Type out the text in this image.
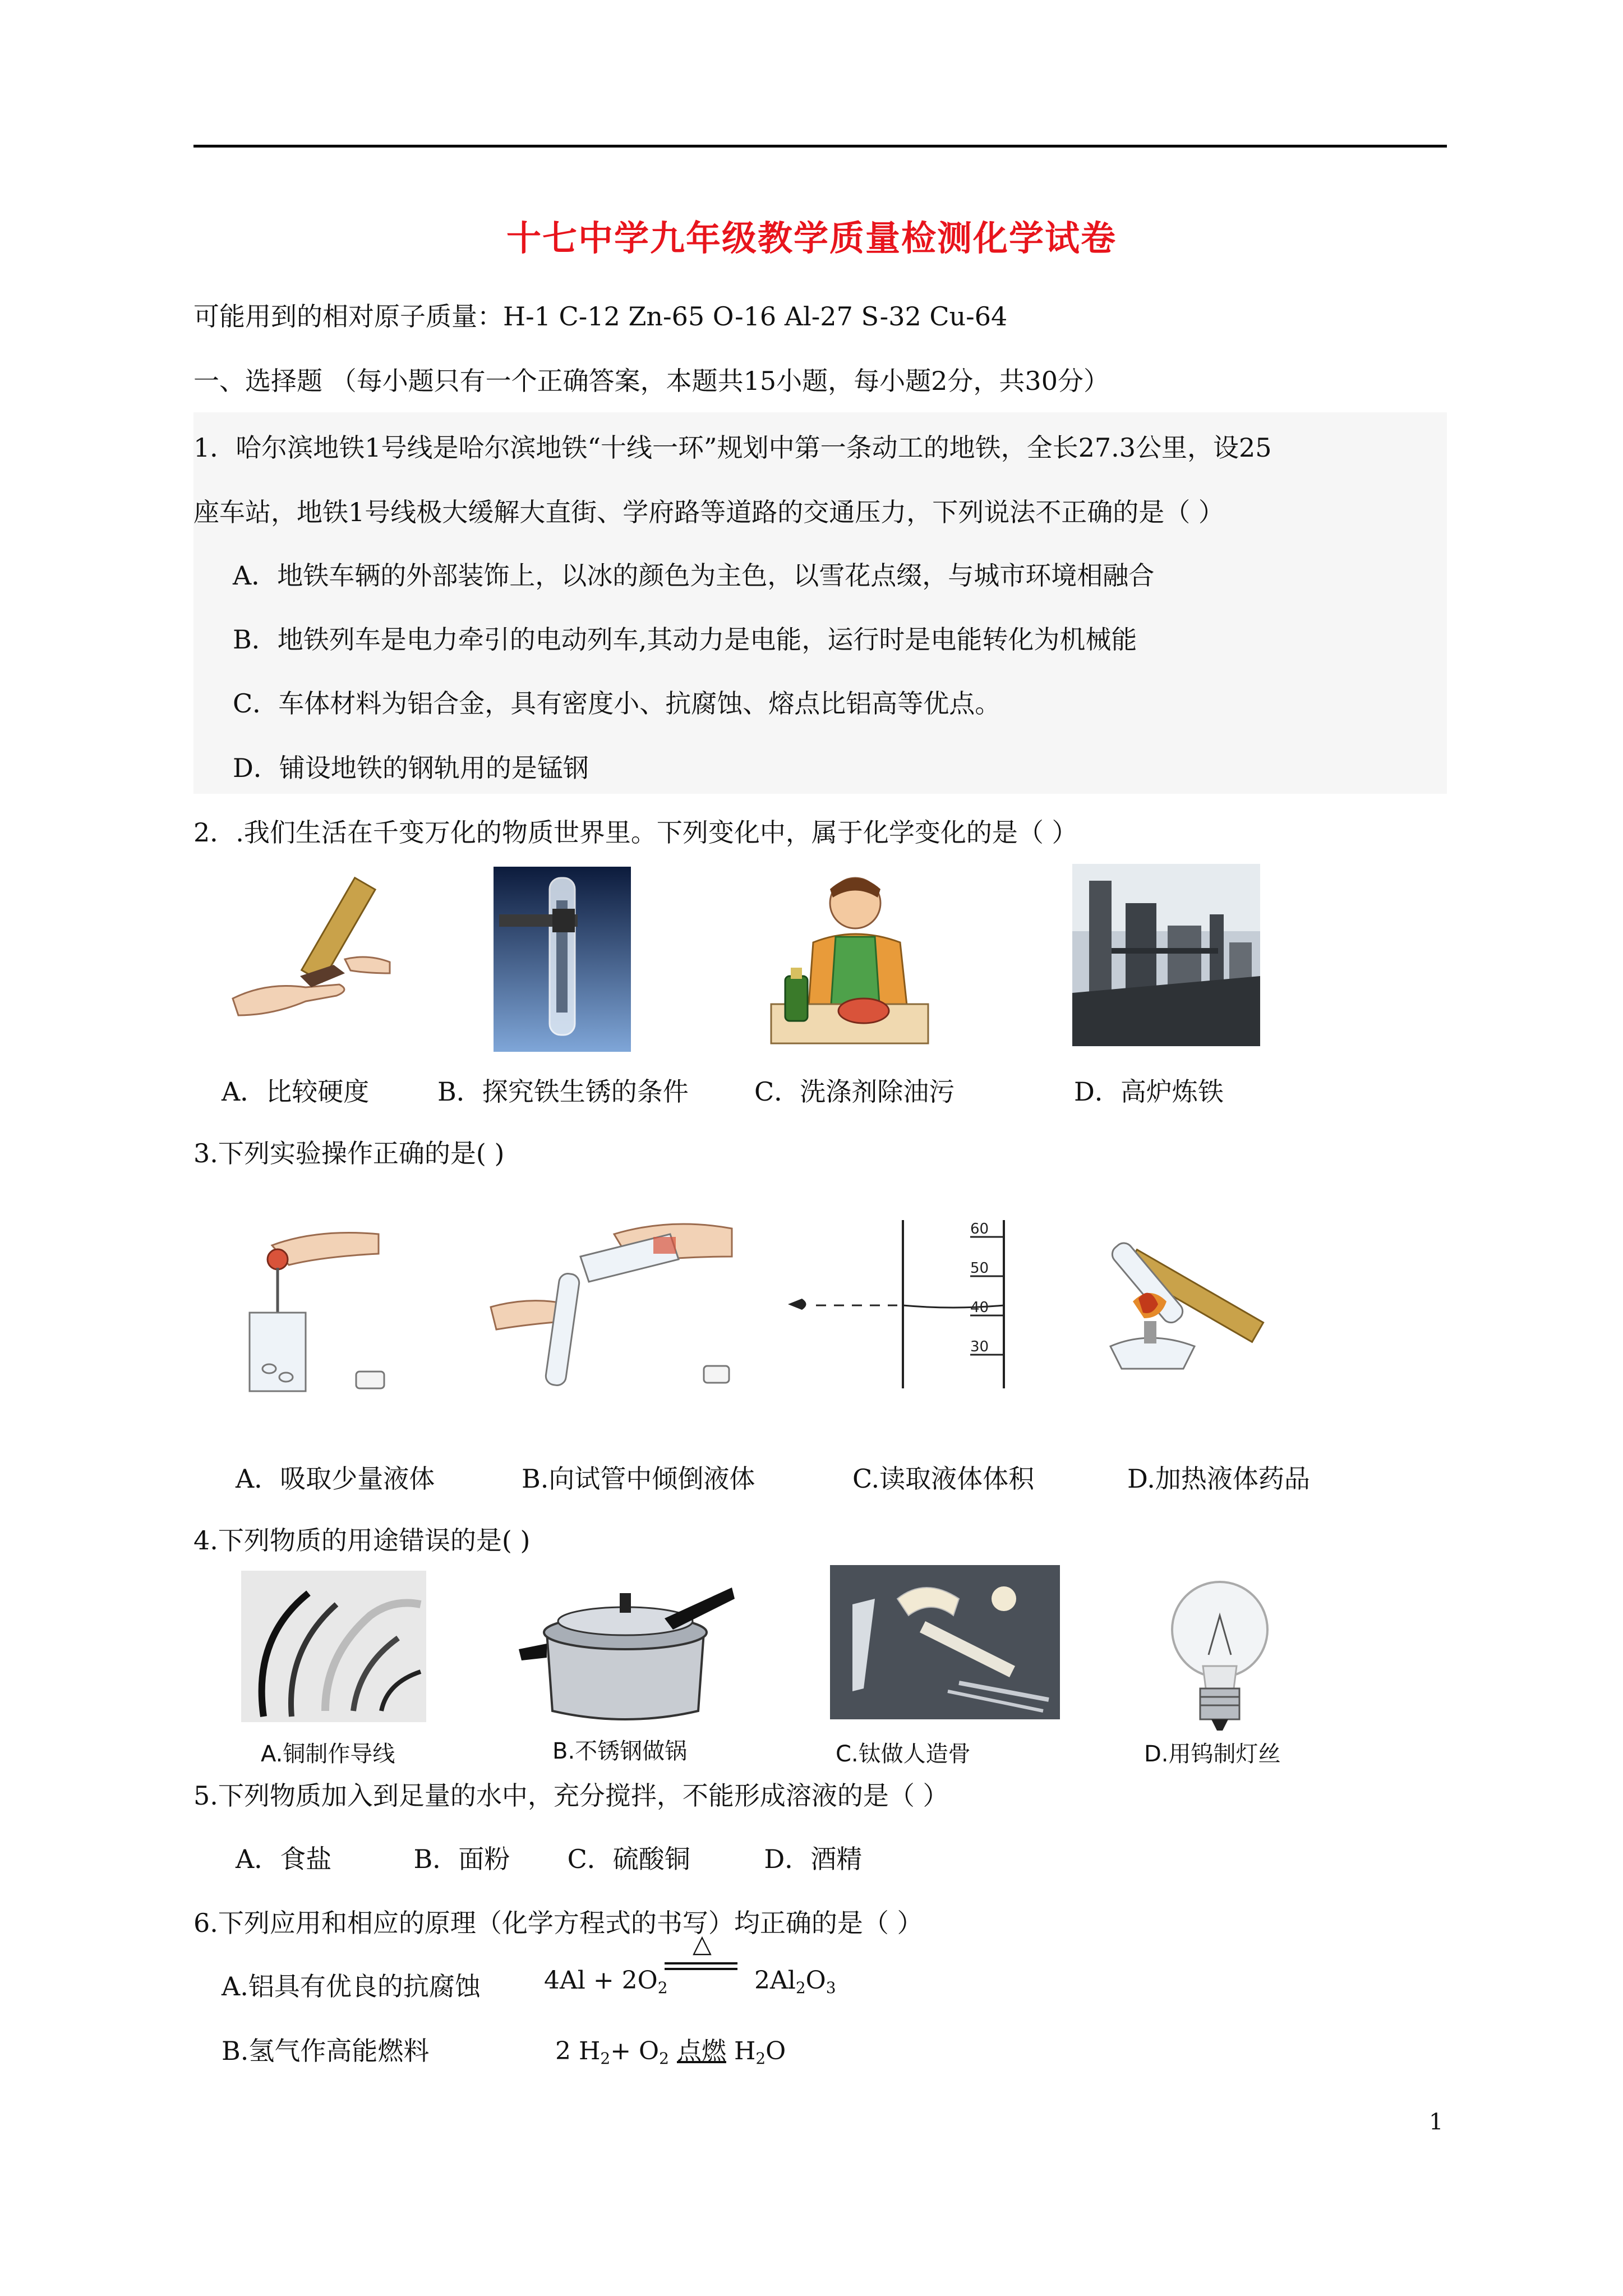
十七中学九年级教学质量检测化学试卷
可能用到的相对原子质量：H-1 C-12 Zn-65 O-16 Al-27 S-32 Cu-64
一、选择题 （每小题只有一个正确答案，本题共15小题，每小题2分，共30分）
1．哈尔滨地铁1号线是哈尔滨地铁“十线一环”规划中第一条动工的地铁，全长27.3公里，设25
座车站，地铁1号线极大缓解大直街、学府路等道路的交通压力，下列说法不正确的是（ ）
A．地铁车辆的外部装饰上，以冰的颜色为主色，以雪花点缀，与城市环境相融合
B．地铁列车是电力牵引的电动列车,其动力是电能，运行时是电能转化为机械能
C．车体材料为铝合金，具有密度小、抗腐蚀、熔点比铝高等优点。
D．铺设地铁的钢轨用的是锰钢
2．.我们生活在千变万化的物质世界里。下列变化中，属于化学变化的是（ ）
A．比较硬度	B．探究铁生锈的条件	C．洗涤剂除油污	D．高炉炼铁
3.下列实验操作正确的是( )
60
50
40
30
A．吸取少量液体	B.向试管中倾倒液体	C.读取液体体积	D.加热液体药品
4.下列物质的用途错误的是( )
A.铜制作导线	B.不锈钢做锅	C.钛做人造骨	D.用钨制灯丝
5.下列物质加入到足量的水中，充分搅拌，不能形成溶液的是（ ）
A．食盐          B．面粉       C．硫酸铜         D．酒精
6.下列应用和相应的原理（化学方程式的书写）均正确的是（ ）
A.铝具有优良的抗腐蚀	$4Al + 2O_2$
△
$2Al_2O_3$
B.氢气作高能燃料	2 $H_2+ O_2$ 点燃 $H_2O$
1
